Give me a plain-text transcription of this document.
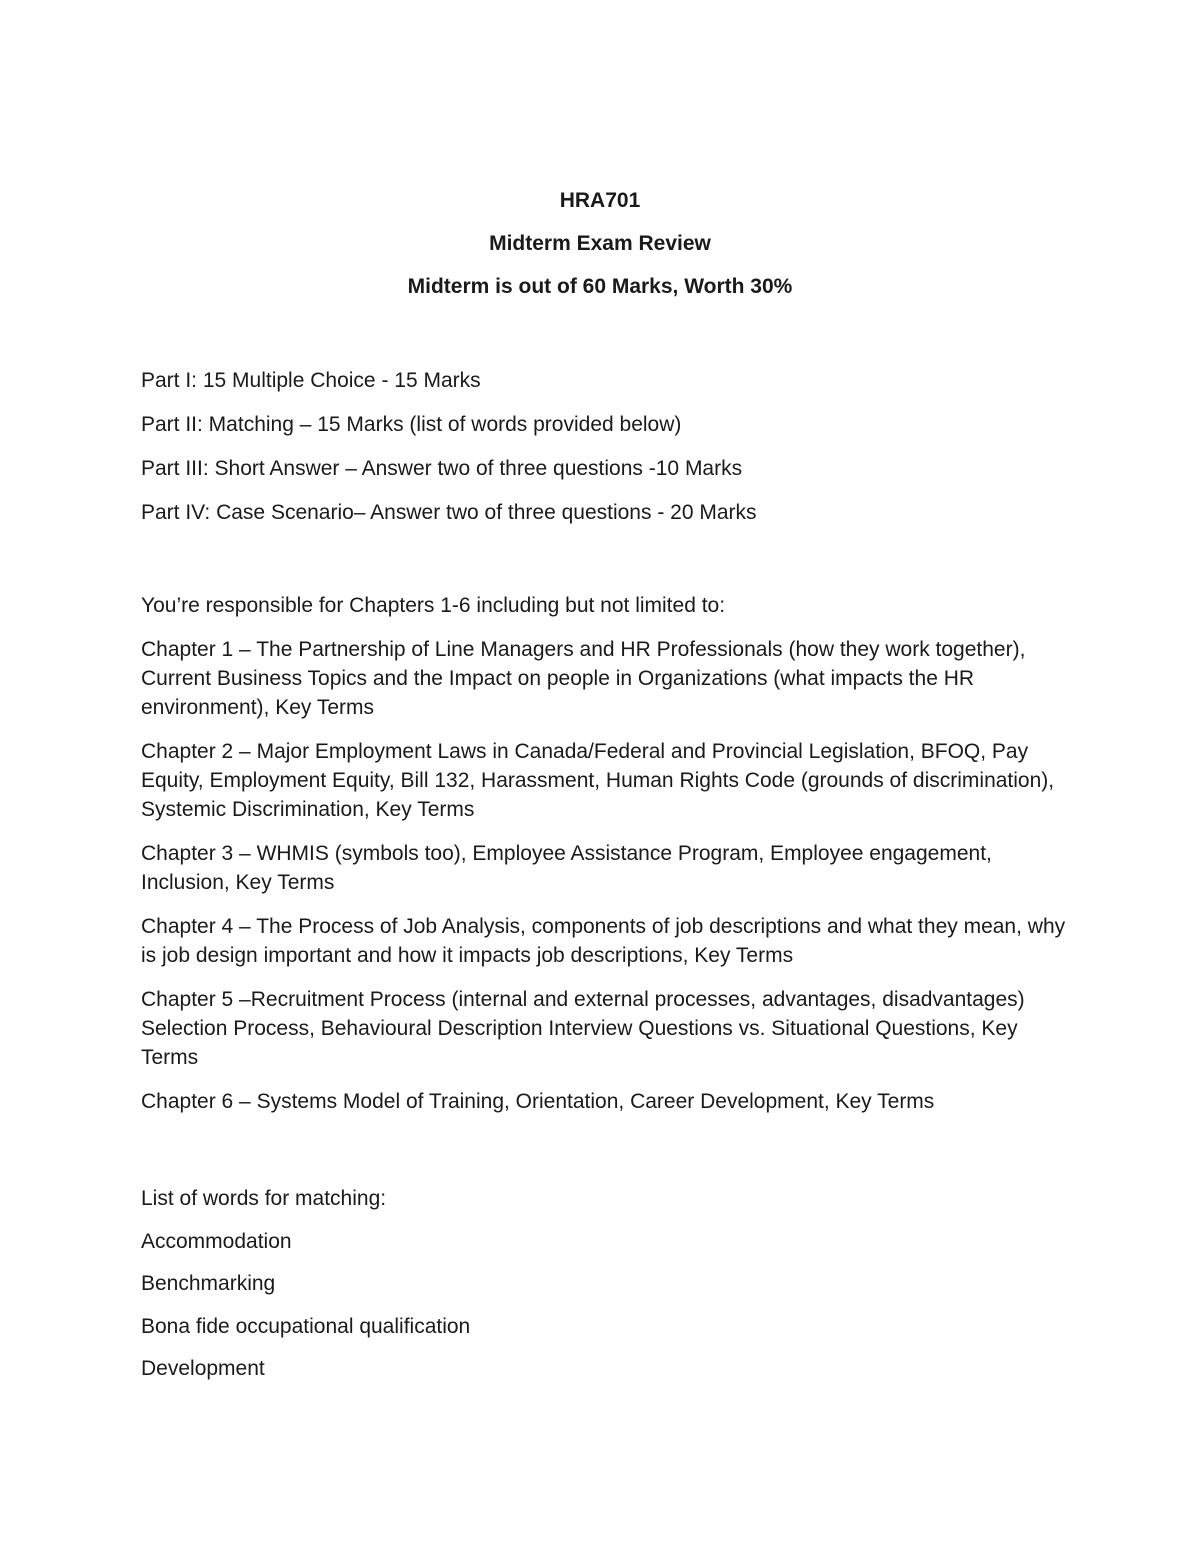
HRA701

Midterm Exam Review

Midterm is out of 60 Marks, Worth 30%

Part I: 15 Multiple Choice - 15 Marks

Part II: Matching – 15 Marks (list of words provided below)

Part III: Short Answer – Answer two of three questions -10 Marks

Part IV: Case Scenario– Answer two of three questions - 20 Marks

You’re responsible for Chapters 1-6 including but not limited to:

Chapter 1 – The Partnership of Line Managers and HR Professionals (how they work together), Current Business Topics and the Impact on people in Organizations (what impacts the HR environment), Key Terms

Chapter 2 – Major Employment Laws in Canada/Federal and Provincial Legislation, BFOQ, Pay Equity, Employment Equity, Bill 132, Harassment, Human Rights Code (grounds of discrimination), Systemic Discrimination, Key Terms

Chapter 3 – WHMIS (symbols too), Employee Assistance Program, Employee engagement, Inclusion, Key Terms

Chapter 4 – The Process of Job Analysis, components of job descriptions and what they mean, why is job design important and how it impacts job descriptions, Key Terms

Chapter 5 –Recruitment Process (internal and external processes, advantages, disadvantages) Selection Process, Behavioural Description Interview Questions vs. Situational Questions, Key Terms

Chapter 6 – Systems Model of Training, Orientation, Career Development, Key Terms

List of words for matching:

Accommodation

Benchmarking

Bona fide occupational qualification

Development
